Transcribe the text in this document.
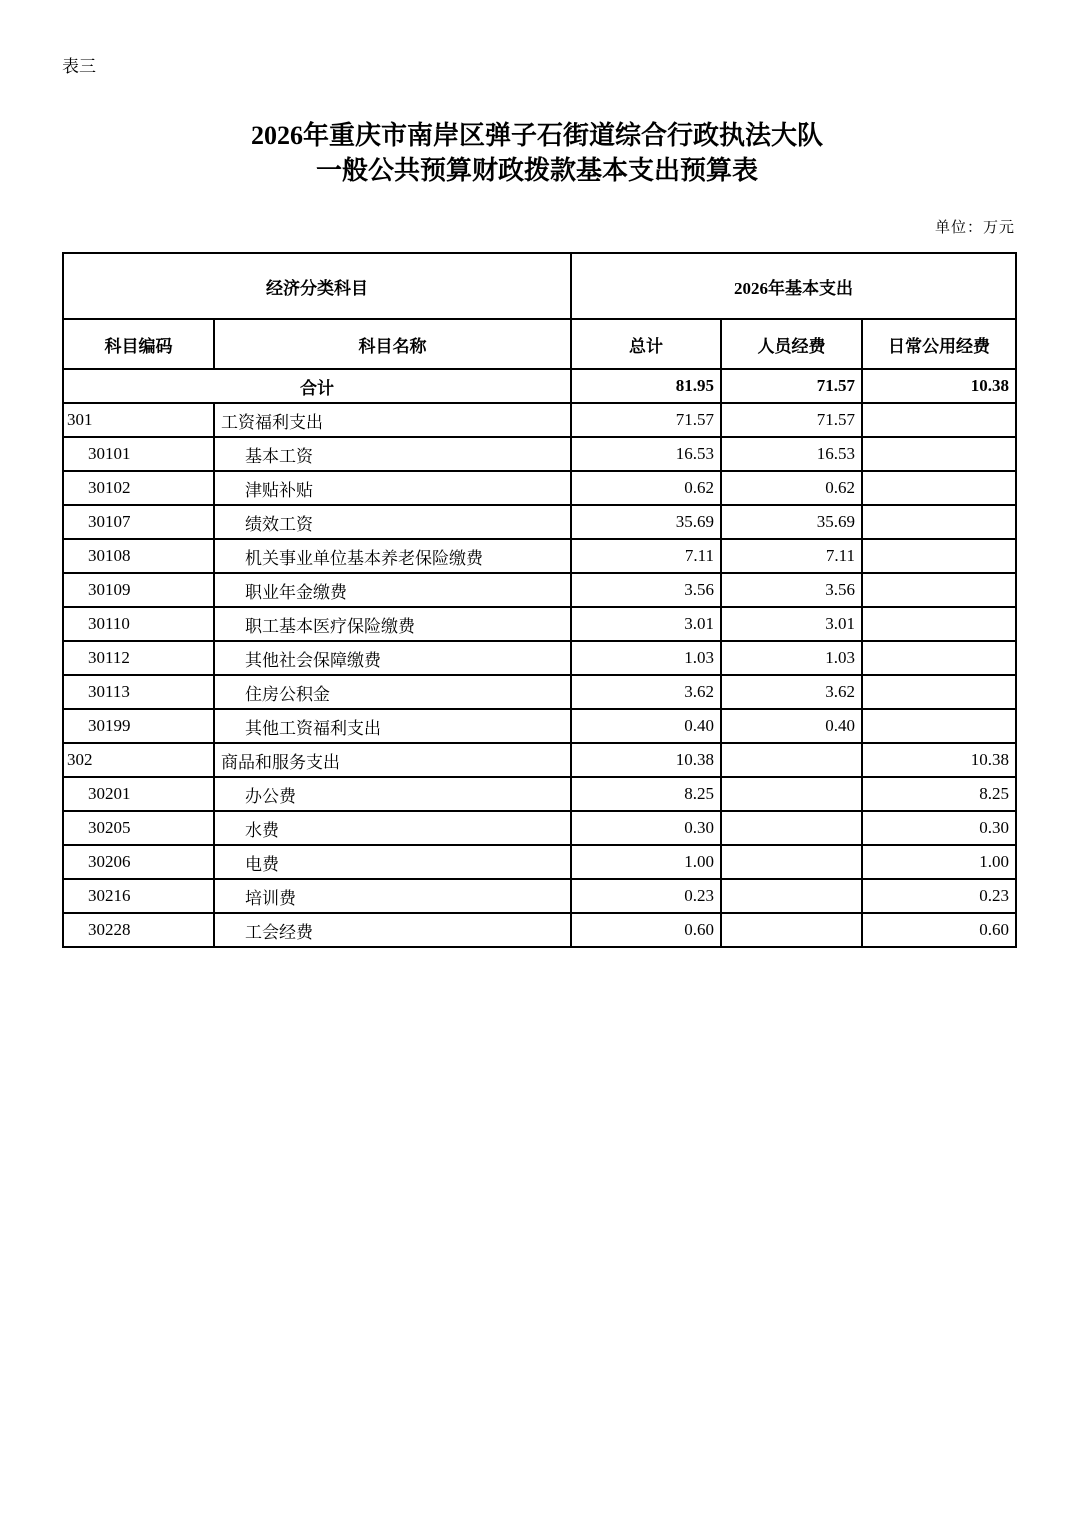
表三
2026年重庆市南岸区弹子石街道综合行政执法大队
一般公共预算财政拨款基本支出预算表
单位：万元
经济分类科目		2026年基本支出		
科目编码	科目名称	总计	人员经费	日常公用经费
合计		81.95	71.57	10.38
301	工资福利支出	71.57	71.57	
30101	基本工资	16.53	16.53	
30102	津贴补贴	0.62	0.62	
30107	绩效工资	35.69	35.69	
30108	机关事业单位基本养老保险缴费	7.11	7.11	
30109	职业年金缴费	3.56	3.56	
30110	职工基本医疗保险缴费	3.01	3.01	
30112	其他社会保障缴费	1.03	1.03	
30113	住房公积金	3.62	3.62	
30199	其他工资福利支出	0.40	0.40	
302	商品和服务支出	10.38		10.38
30201	办公费	8.25		8.25
30205	水费	0.30		0.30
30206	电费	1.00		1.00
30216	培训费	0.23		0.23
30228	工会经费	0.60		0.60
